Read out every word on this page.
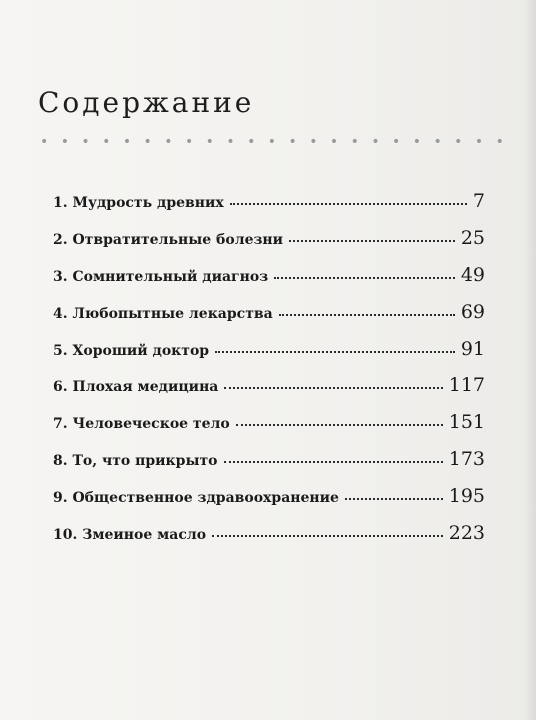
Содержание
• • • • • • • • • • • • • • • • • • • • • • •
1. Мудрость древних	7
2. Отвратительные болезни	25
3. Сомнительный диагноз	49
4. Любопытные лекарства	69
5. Хороший доктор	91
6. Плохая медицина	117
7. Человеческое тело	151
8. То, что прикрыто	173
9. Общественное здравоохранение	195
10. Змеиное масло	223
